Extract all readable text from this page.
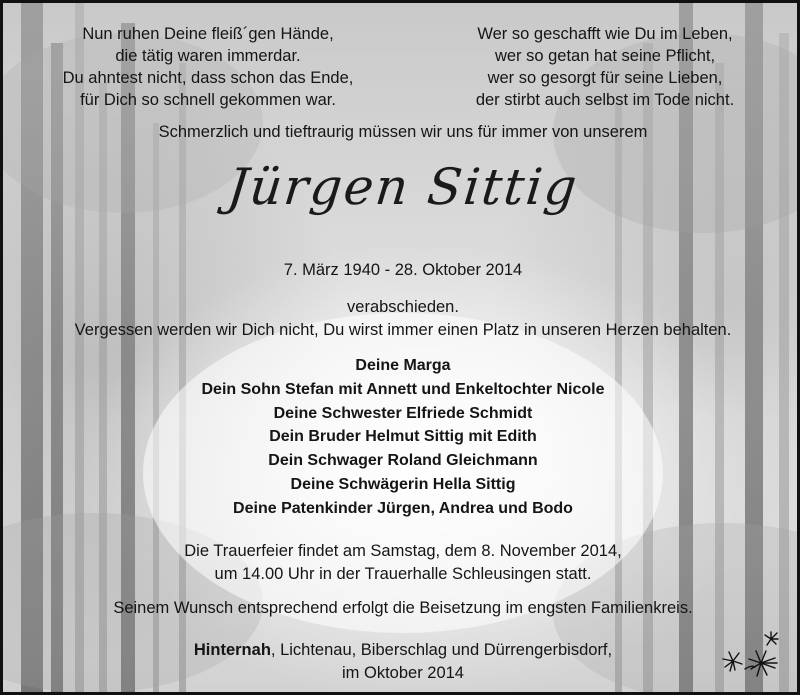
Nun ruhen Deine fleiß´gen Hände,
die tätig waren immerdar.
Du ahntest nicht, dass schon das Ende,
für Dich so schnell gekommen war.
Wer so geschafft wie Du im Leben,
wer so getan hat seine Pflicht,
wer so gesorgt für seine Lieben,
der stirbt auch selbst im Tode nicht.
Schmerzlich und tieftraurig müssen wir uns für immer von unserem
Jürgen Sittig
7. März 1940 - 28. Oktober 2014
verabschieden.
Vergessen werden wir Dich nicht, Du wirst immer einen Platz in unseren Herzen behalten.
Deine Marga
Dein Sohn Stefan mit Annett und Enkeltochter Nicole
Deine Schwester Elfriede Schmidt
Dein Bruder Helmut Sittig mit Edith
Dein Schwager Roland Gleichmann
Deine Schwägerin Hella Sittig
Deine Patenkinder Jürgen, Andrea und Bodo
Die Trauerfeier findet am Samstag, dem 8. November 2014,
um 14.00 Uhr in der Trauerhalle Schleusingen statt.
Seinem Wunsch entsprechend erfolgt die Beisetzung im engsten Familienkreis.
Hinternah, Lichtenau, Biberschlag und Dürrengerbisdorf,
im Oktober 2014
